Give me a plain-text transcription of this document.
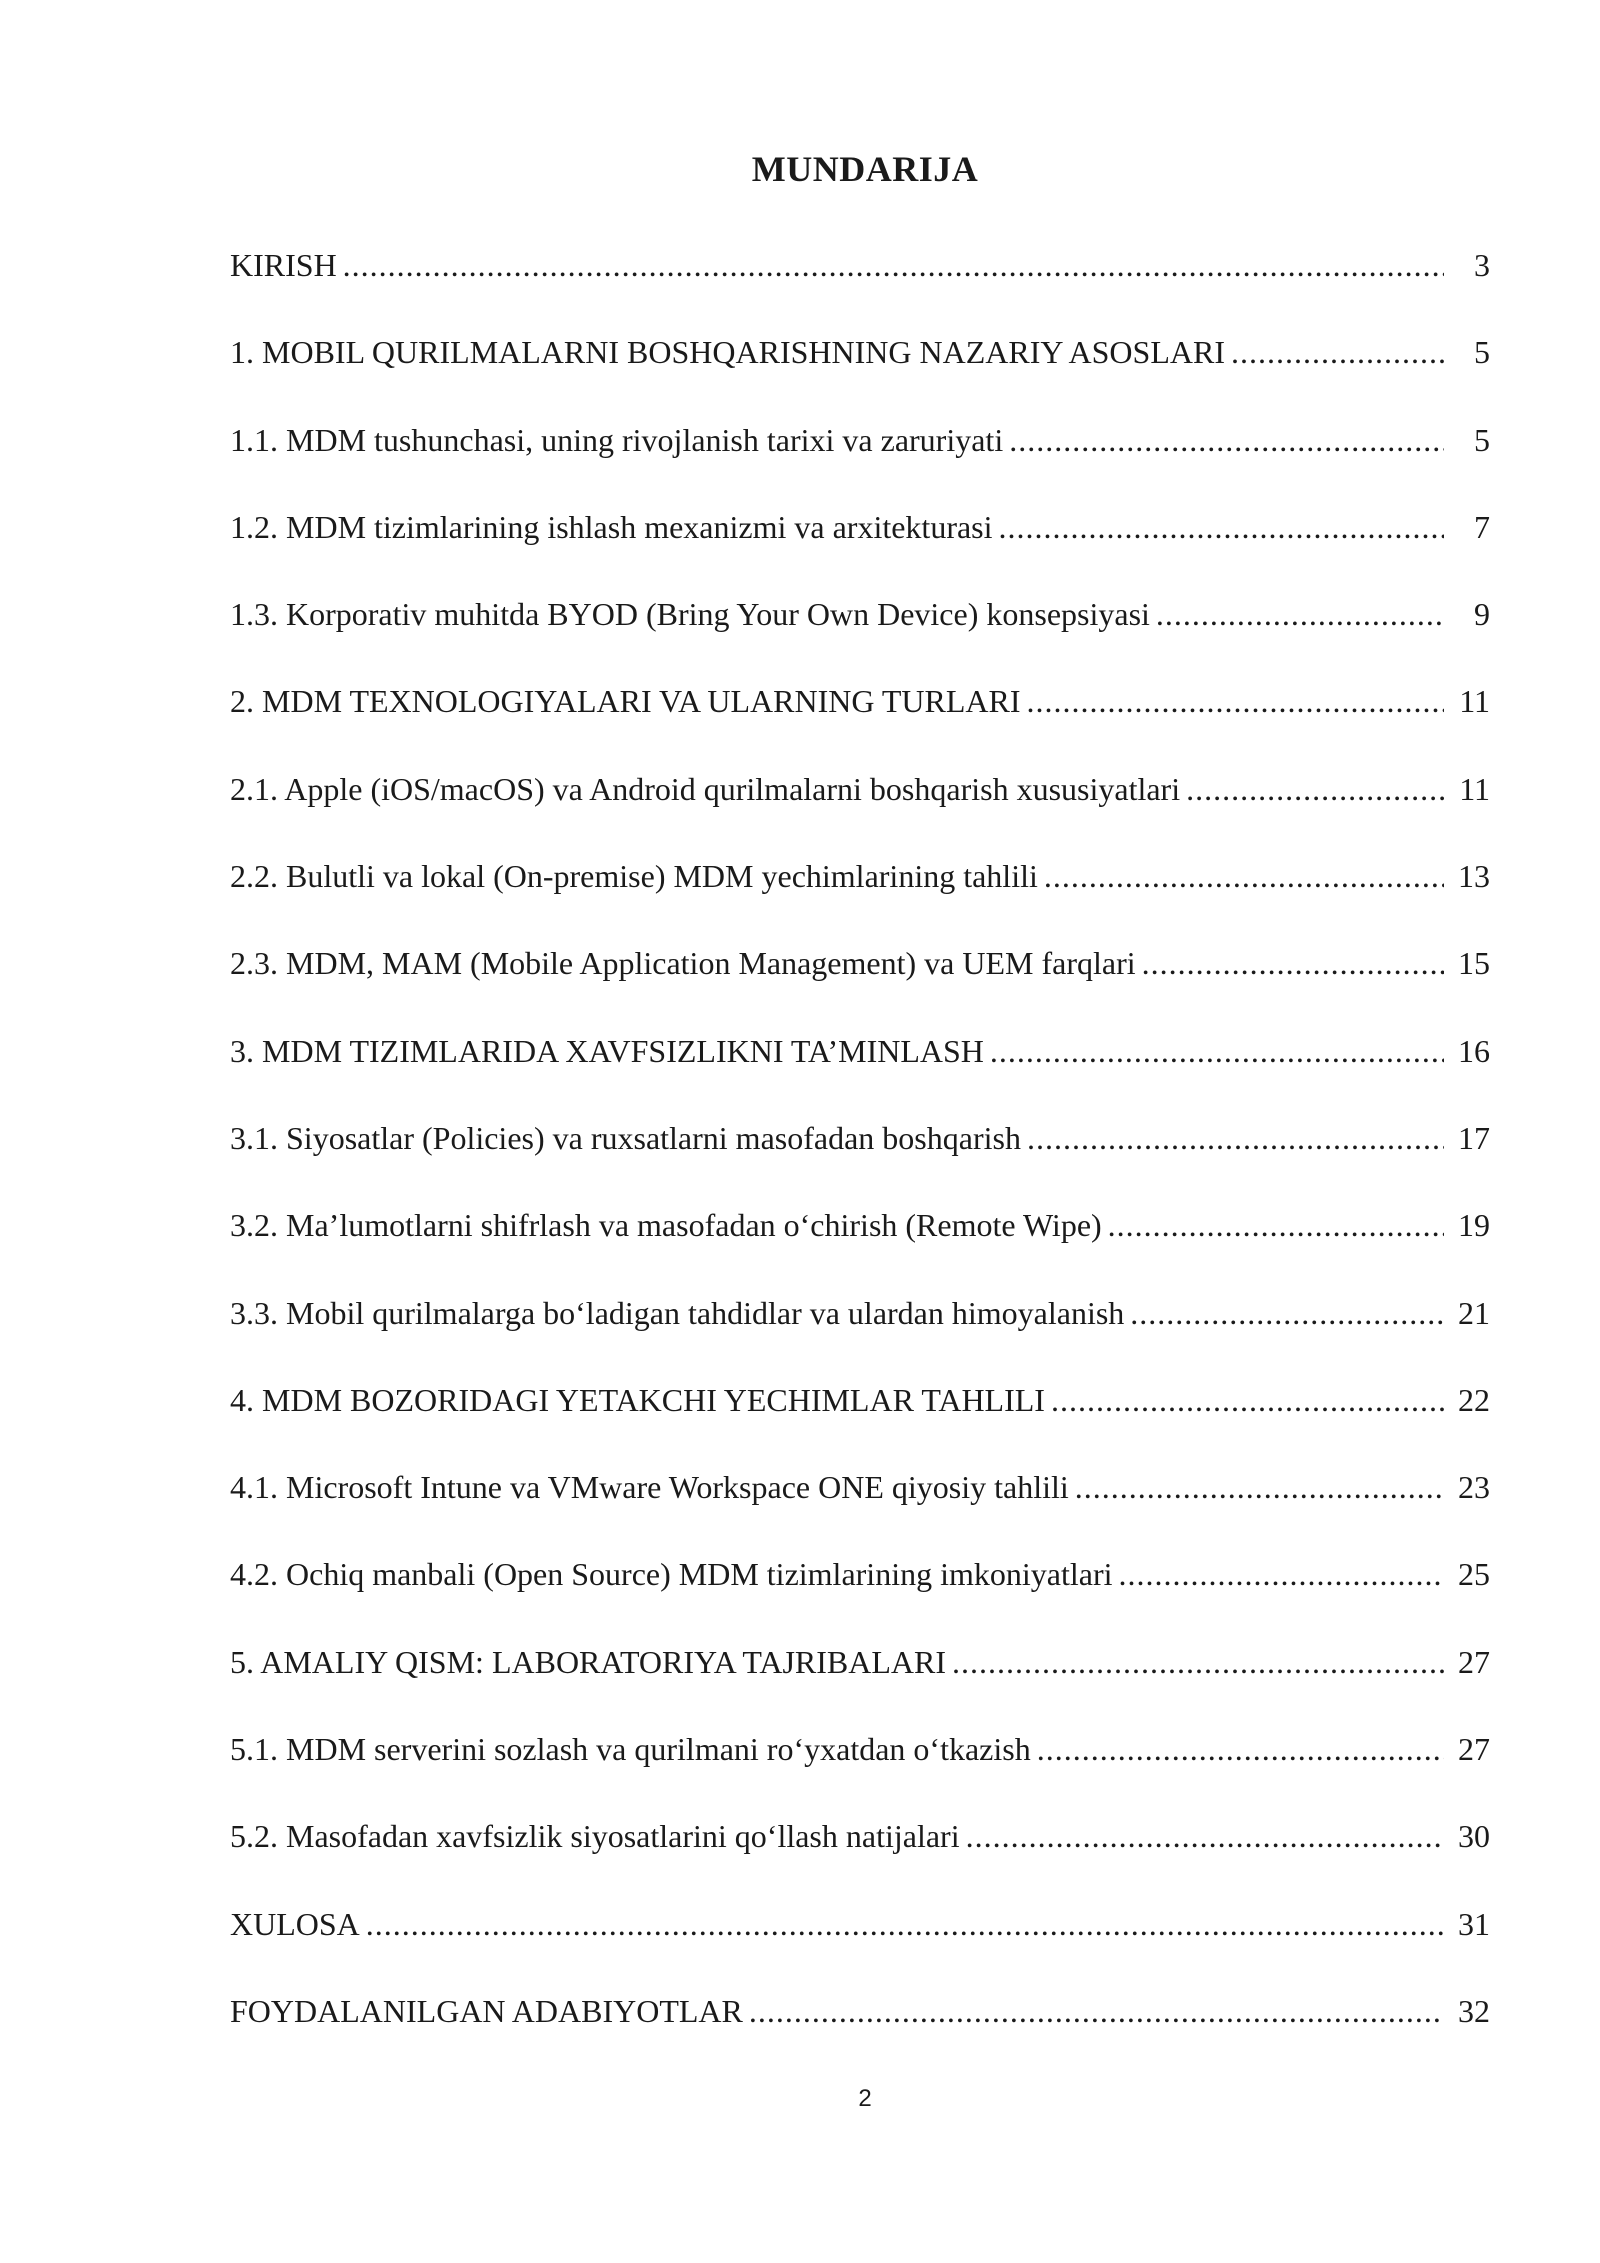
MUNDARIJA
KIRISH .....	3
1. MOBIL QURILMALARNI BOSHQARISHNING NAZARIY ASOSLARI .....	5
1.1. MDM tushunchasi, uning rivojlanish tarixi va zaruriyati .....	5
1.2. MDM tizimlarining ishlash mexanizmi va arxitekturasi .....	7
1.3. Korporativ muhitda BYOD (Bring Your Own Device) konsepsiyasi .....	9
2. MDM TEXNOLOGIYALARI VA ULARNING TURLARI .....	11
2.1. Apple (iOS/macOS) va Android qurilmalarni boshqarish xususiyatlari .....	11
2.2. Bulutli va lokal (On-premise) MDM yechimlarining tahlili .....	13
2.3. MDM, MAM (Mobile Application Management) va UEM farqlari .....	15
3. MDM TIZIMLARIDA XAVFSIZLIKNI TA’MINLASH .....	16
3.1. Siyosatlar (Policies) va ruxsatlarni masofadan boshqarish .....	17
3.2. Ma’lumotlarni shifrlash va masofadan o‘chirish (Remote Wipe) .....	19
3.3. Mobil qurilmalarga bo‘ladigan tahdidlar va ulardan himoyalanish .....	21
4. MDM BOZORIDAGI YETAKCHI YECHIMLAR TAHLILI .....	22
4.1. Microsoft Intune va VMware Workspace ONE qiyosiy tahlili .....	23
4.2. Ochiq manbali (Open Source) MDM tizimlarining imkoniyatlari .....	25
5. AMALIY QISM: LABORATORIYA TAJRIBALARI .....	27
5.1. MDM serverini sozlash va qurilmani ro‘yxatdan o‘tkazish .....	27
5.2. Masofadan xavfsizlik siyosatlarini qo‘llash natijalari .....	30
XULOSA .....	31
FOYDALANILGAN ADABIYOTLAR .....	32
2
